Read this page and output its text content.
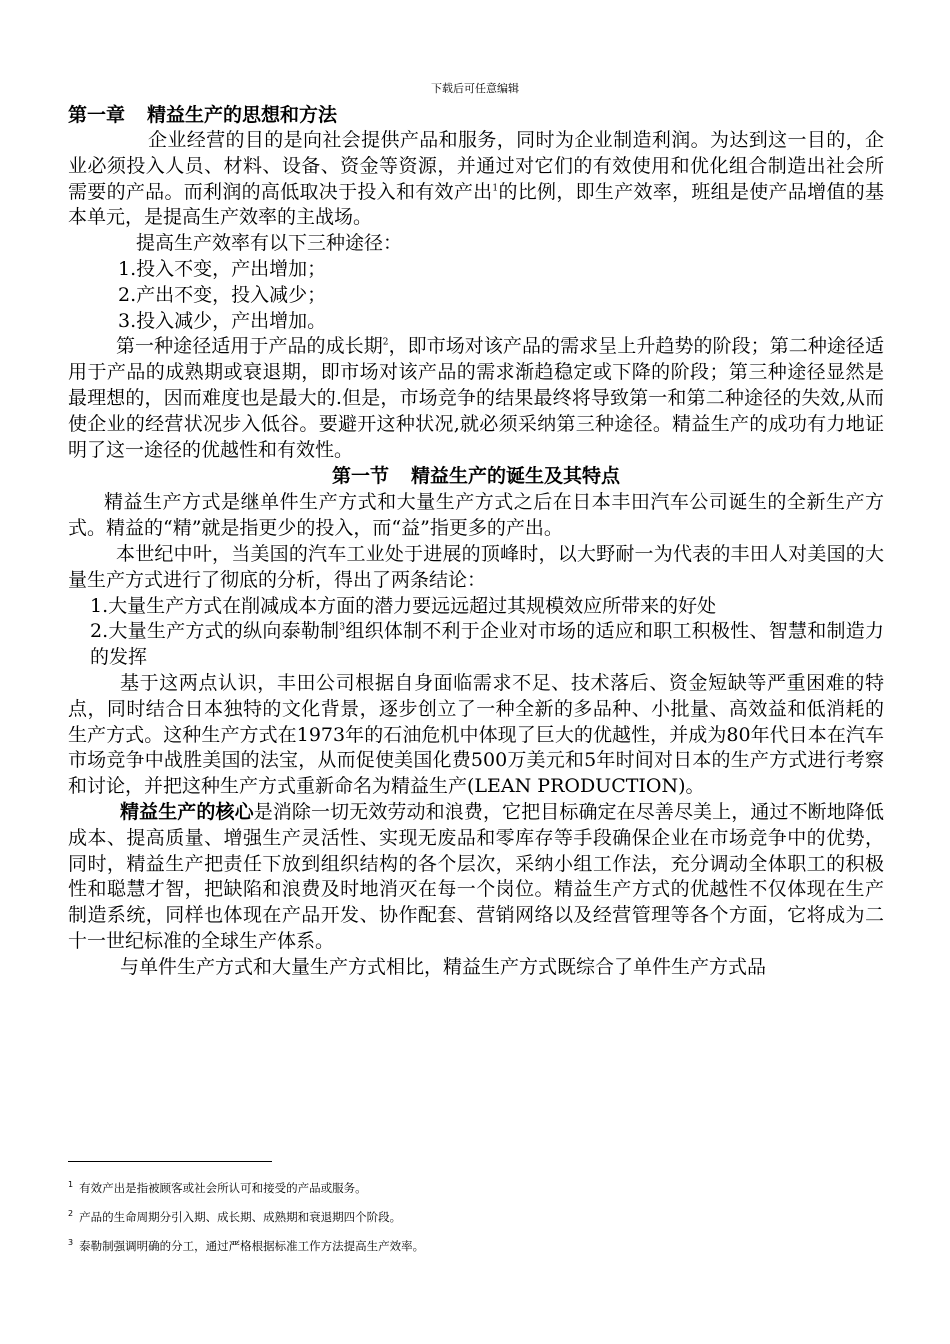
下载后可任意编辑

第一章 精益生产的思想和方法

企业经营的目的是向社会提供产品和服务，同时为企业制造利润。为达到这一目的，企业必须投入人员、材料、设备、资金等资源，并通过对它们的有效使用和优化组合制造出社会所需要的产品。而利润的高低取决于投入和有效产出$^1$的比例，即生产效率，班组是使产品增值的基本单元，是提高生产效率的主战场。

提高生产效率有以下三种途径：

1.投入不变，产出增加；

2.产出不变，投入减少；

3.投入减少，产出增加。

第一种途径适用于产品的成长期$^2$，即市场对该产品的需求呈上升趋势的阶段；第二种途径适用于产品的成熟期或衰退期，即市场对该产品的需求渐趋稳定或下降的阶段；第三种途径显然是最理想的，因而难度也是最大的.但是，市场竞争的结果最终将导致第一和第二种途径的失效,从而使企业的经营状况步入低谷。要避开这种状况,就必须采纳第三种途径。精益生产的成功有力地证明了这一途径的优越性和有效性。

第一节 精益生产的诞生及其特点

精益生产方式是继单件生产方式和大量生产方式之后在日本丰田汽车公司诞生的全新生产方式。精益的“精”就是指更少的投入，而“益”指更多的产出。

本世纪中叶，当美国的汽车工业处于进展的顶峰时，以大野耐一为代表的丰田人对美国的大量生产方式进行了彻底的分析，得出了两条结论：

1.大量生产方式在削减成本方面的潜力要远远超过其规模效应所带来的好处

2.大量生产方式的纵向泰勒制$^3$组织体制不利于企业对市场的适应和职工积极性、智慧和制造力的发挥

基于这两点认识，丰田公司根据自身面临需求不足、技术落后、资金短缺等严重困难的特点，同时结合日本独特的文化背景，逐步创立了一种全新的多品种、小批量、高效益和低消耗的生产方式。这种生产方式在1973年的石油危机中体现了巨大的优越性，并成为80年代日本在汽车市场竞争中战胜美国的法宝，从而促使美国化费500万美元和5年时间对日本的生产方式进行考察和讨论，并把这种生产方式重新命名为精益生产(LEAN PRODUCTION)。

精益生产的核心是消除一切无效劳动和浪费，它把目标确定在尽善尽美上，通过不断地降低成本、提高质量、增强生产灵活性、实现无废品和零库存等手段确保企业在市场竞争中的优势，同时，精益生产把责任下放到组织结构的各个层次，采纳小组工作法，充分调动全体职工的积极性和聪慧才智，把缺陷和浪费及时地消灭在每一个岗位。精益生产方式的优越性不仅体现在生产制造系统，同样也体现在产品开发、协作配套、营销网络以及经营管理等各个方面，它将成为二十一世纪标准的全球生产体系。

与单件生产方式和大量生产方式相比，精益生产方式既综合了单件生产方式品

$^1$ 有效产出是指被顾客或社会所认可和接受的产品或服务。
$^2$ 产品的生命周期分引入期、成长期、成熟期和衰退期四个阶段。
$^3$ 泰勒制强调明确的分工，通过严格根据标准工作方法提高生产效率。
